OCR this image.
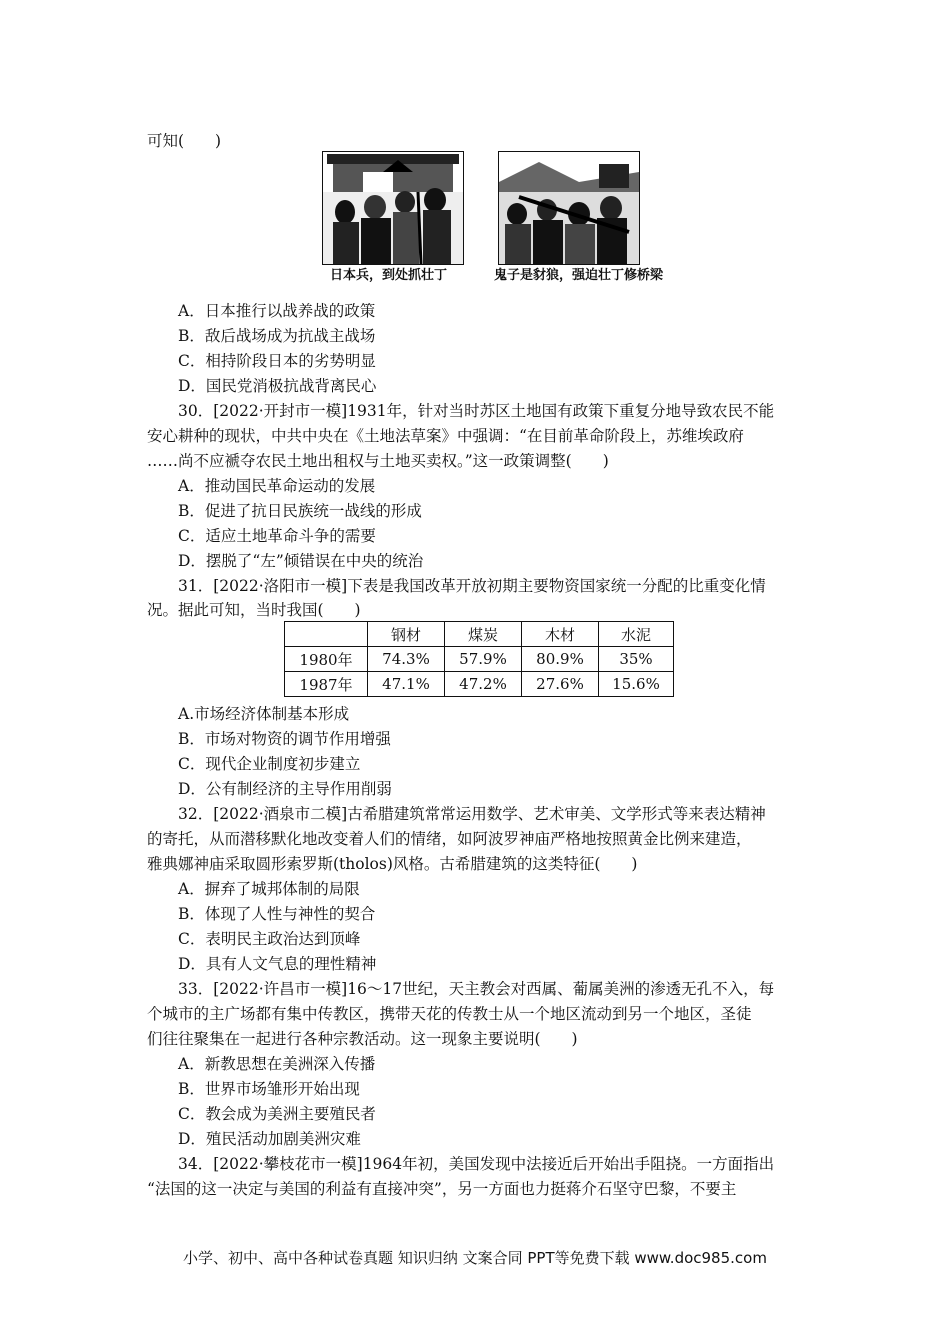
可知(　　)
日本兵，到处抓壮丁	鬼子是豺狼，强迫壮丁修桥梁
A．日本推行以战养战的政策
B．敌后战场成为抗战主战场
C．相持阶段日本的劣势明显
D．国民党消极抗战背离民心
30．[2022·开封市一模]1931年，针对当时苏区土地国有政策下重复分地导致农民不能
安心耕种的现状，中共中央在《土地法草案》中强调：“在目前革命阶段上，苏维埃政府
……尚不应褫夺农民土地出租权与土地买卖权。”这一政策调整(　　)
A．推动国民革命运动的发展
B．促进了抗日民族统一战线的形成
C．适应土地革命斗争的需要
D．摆脱了“左”倾错误在中央的统治
31．[2022·洛阳市一模]下表是我国改革开放初期主要物资国家统一分配的比重变化情
况。据此可知，当时我国(　　)
	钢材	煤炭	木材	水泥
1980年	74.3%	57.9%	80.9%	35%
1987年	47.1%	47.2%	27.6%	15.6%
A.市场经济体制基本形成
B．市场对物资的调节作用增强
C．现代企业制度初步建立
D．公有制经济的主导作用削弱
32．[2022·酒泉市二模]古希腊建筑常常运用数学、艺术审美、文学形式等来表达精神
的寄托，从而潜移默化地改变着人们的情绪，如阿波罗神庙严格地按照黄金比例来建造，
雅典娜神庙采取圆形索罗斯(tholos)风格。古希腊建筑的这类特征(　　)
A．摒弃了城邦体制的局限
B．体现了人性与神性的契合
C．表明民主政治达到顶峰
D．具有人文气息的理性精神
33．[2022·许昌市一模]16～17世纪，天主教会对西属、葡属美洲的渗透无孔不入，每
个城市的主广场都有集中传教区，携带天花的传教士从一个地区流动到另一个地区，圣徒
们往往聚集在一起进行各种宗教活动。这一现象主要说明(　　)
A．新教思想在美洲深入传播
B．世界市场雏形开始出现
C．教会成为美洲主要殖民者
D．殖民活动加剧美洲灾难
34．[2022·攀枝花市一模]1964年初，美国发现中法接近后开始出手阻挠。一方面指出
“法国的这一决定与美国的利益有直接冲突”，另一方面也力挺蒋介石坚守巴黎，不要主
小学、初中、高中各种试卷真题 知识归纳 文案合同 PPT等免费下载 www.doc985.com
